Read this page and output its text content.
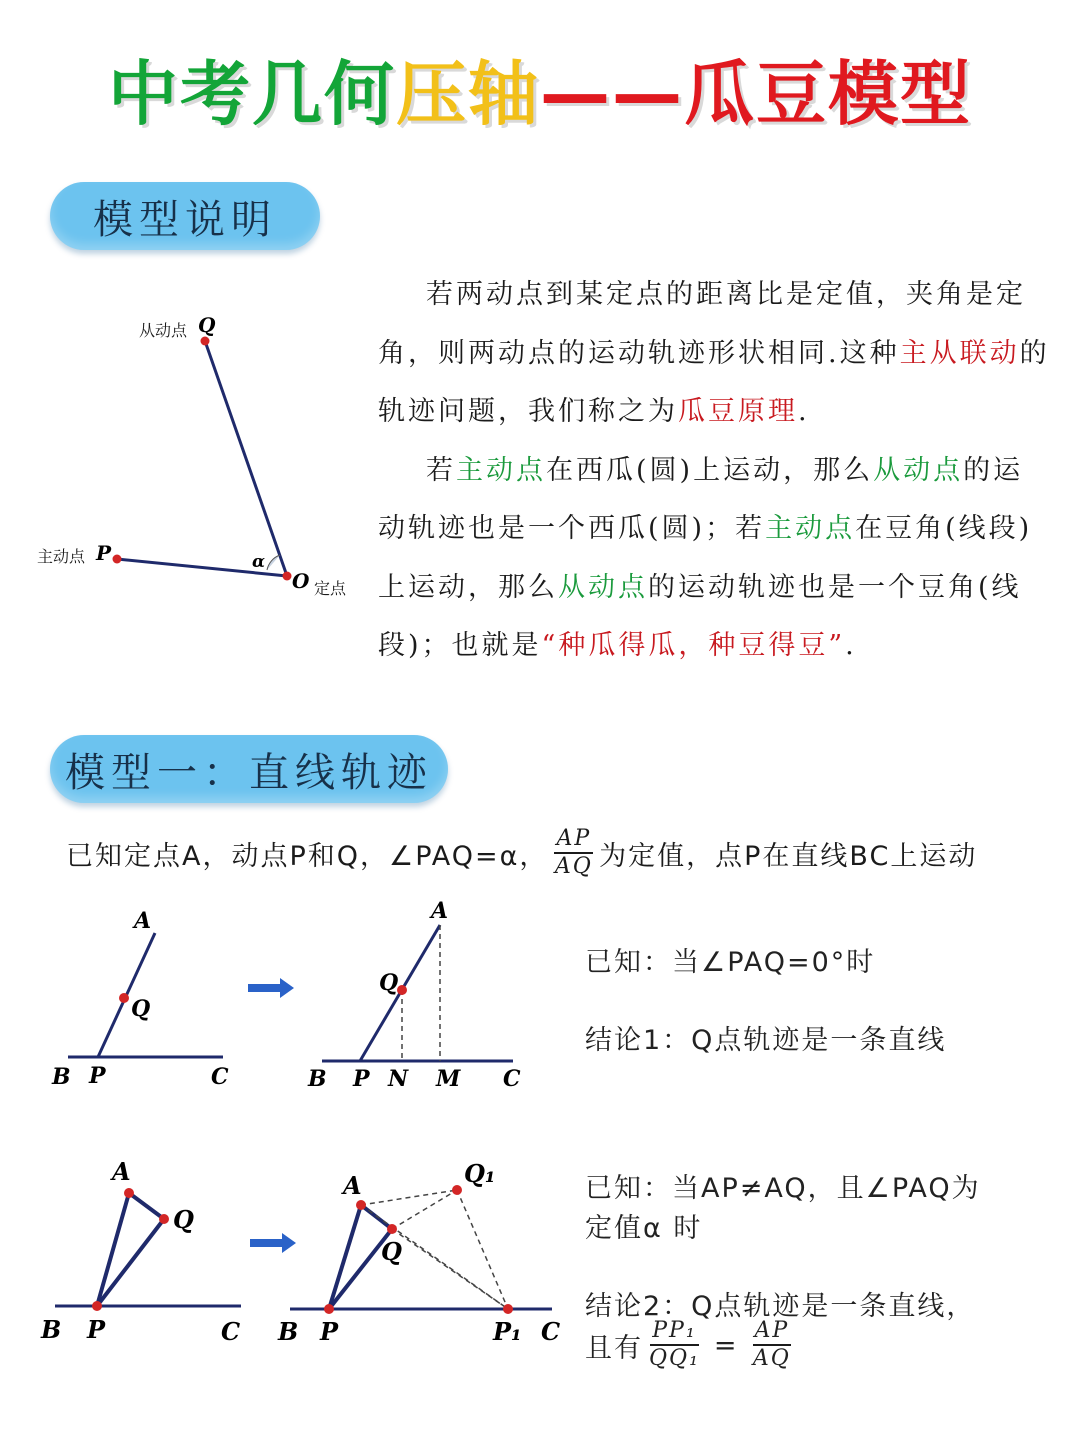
中考几何压轴——瓜豆模型
模型说明
Q
P
O
α
从动点
主动点
定点

若两动点到某定点的距离比是定值，夹角是定角，则两动点的运动轨迹形状相同.这种主从联动的轨迹问题，我们称之为瓜豆原理.

若主动点在西瓜(圆)上运动，那么从动点的运动轨迹也是一个西瓜(圆)；若主动点在豆角(线段)上运动，那么从动点的运动轨迹也是一个豆角(线段)；也就是“种瓜得瓜，种豆得豆”.

模型一：直线轨迹
已知定点A，动点P和Q，∠PAQ=α， $\frac{AP}{AQ}$ 为定值，点P在直线BC上运动
A
Q
B P	C
A
Q
B P N M C
已知：当∠PAQ=0°时
结论1：Q点轨迹是一条直线
A
Q
B P	C
A
Q
Q₁
B P	P₁ C
已知：当AP≠AQ，且∠PAQ为
定值α 时
结论2：Q点轨迹是一条直线，
且有 $\frac{\text{PP₁}}{\text{QQ₁}} = \frac{AP}{AQ}$
